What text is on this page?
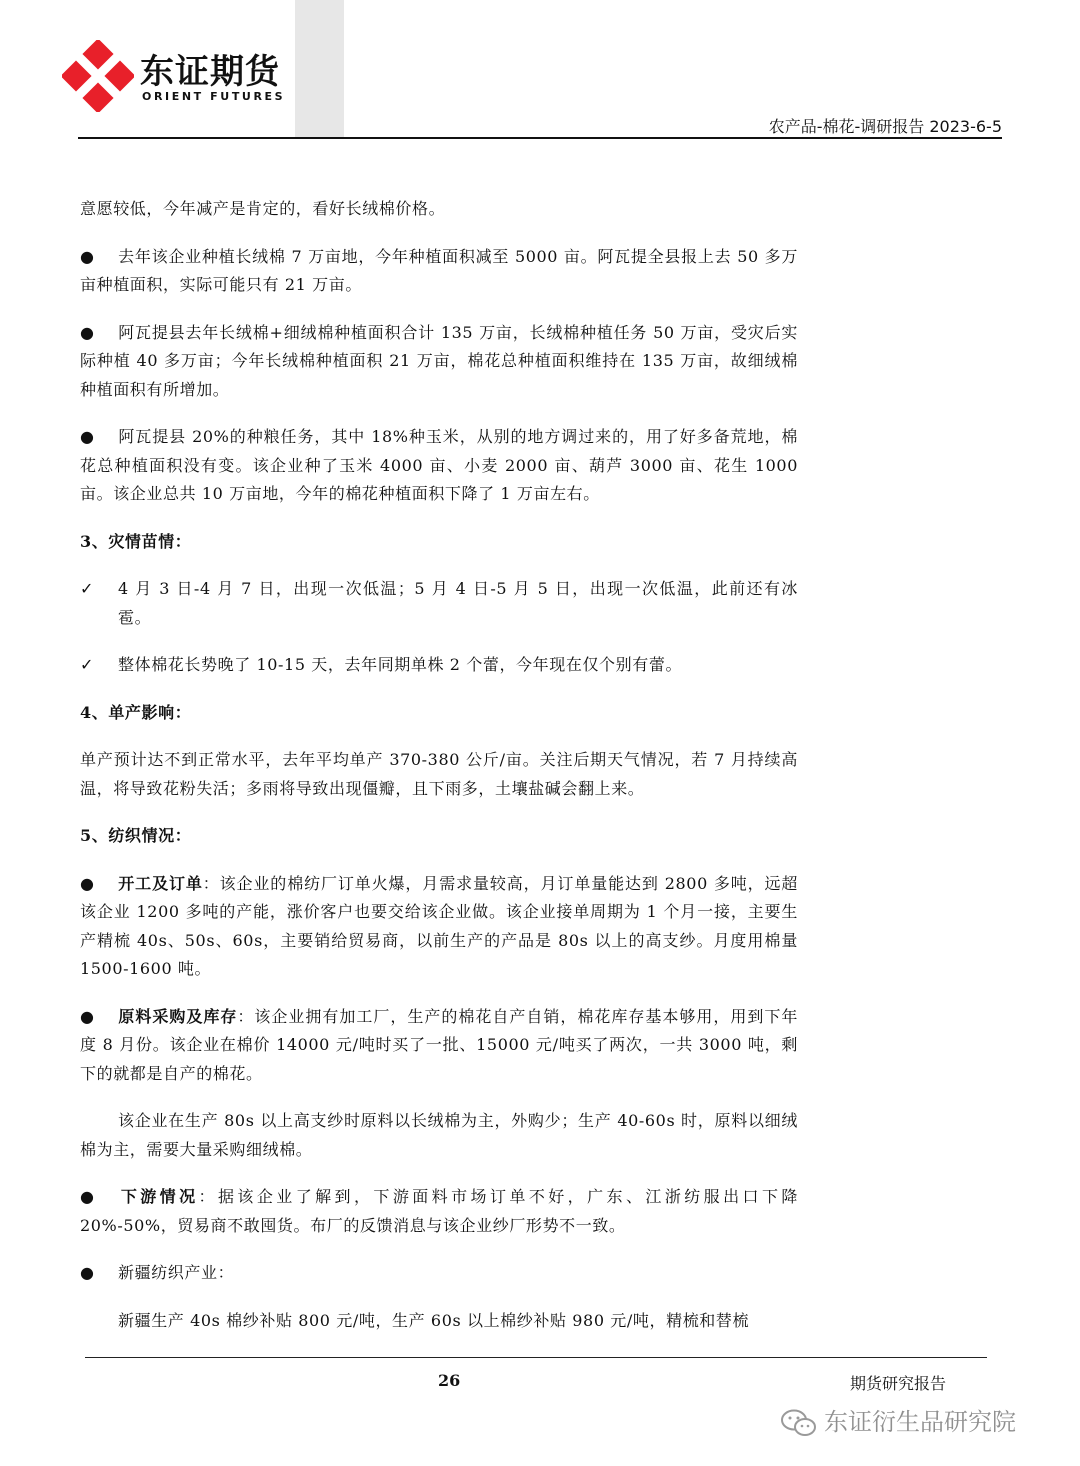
东证期货
ORIENT FUTURES
农产品-棉花-调研报告 2023-6-5

意愿较低，今年减产是肯定的，看好长绒棉价格。

● 去年该企业种植长绒棉 7 万亩地，今年种植面积减至 5000 亩。阿瓦提全县报上去 50 多万亩种植面积，实际可能只有 21 万亩。
● 阿瓦提县去年长绒棉+细绒棉种植面积合计 135 万亩，长绒棉种植任务 50 万亩，受灾后实际种植 40 多万亩；今年长绒棉种植面积 21 万亩，棉花总种植面积维持在 135 万亩，故细绒棉种植面积有所增加。
● 阿瓦提县 20%的种粮任务，其中 18%种玉米，从别的地方调过来的，用了好多备荒地，棉花总种植面积没有变。该企业种了玉米 4000 亩、小麦 2000 亩、葫芦 3000 亩、花生 1000 亩。该企业总共 10 万亩地，今年的棉花种植面积下降了 1 万亩左右。

3、灾情苗情：

✓	4 月 3 日-4 月 7 日，出现一次低温；5 月 4 日-5 月 5 日，出现一次低温，此前还有冰雹。
✓	整体棉花长势晚了 10-15 天，去年同期单株 2 个蕾，今年现在仅个别有蕾。

4、单产影响：

单产预计达不到正常水平，去年平均单产 370-380 公斤/亩。关注后期天气情况，若 7 月持续高温，将导致花粉失活；多雨将导致出现僵瓣，且下雨多，土壤盐碱会翻上来。

5、纺织情况：

● 开工及订单：该企业的棉纺厂订单火爆，月需求量较高，月订单量能达到 2800 多吨，远超该企业 1200 多吨的产能，涨价客户也要交给该企业做。该企业接单周期为 1 个月一接，主要生产精梳 40s、50s、60s，主要销给贸易商，以前生产的产品是 80s 以上的高支纱。月度用棉量 1500-1600 吨。
● 原料采购及库存：该企业拥有加工厂，生产的棉花自产自销，棉花库存基本够用，用到下年度 8 月份。该企业在棉价 14000 元/吨时买了一批、15000 元/吨买了两次，一共 3000 吨，剩下的就都是自产的棉花。

该企业在生产 80s 以上高支纱时原料以长绒棉为主，外购少；生产 40-60s 时，原料以细绒棉为主，需要大量采购细绒棉。

● 下游情况：据该企业了解到，下游面料市场订单不好，广东、江浙纺服出口下降 20%-50%，贸易商不敢囤货。布厂的反馈消息与该企业纱厂形势不一致。
● 新疆纺织产业：

新疆生产 40s 棉纱补贴 800 元/吨，生产 60s 以上棉纱补贴 980 元/吨，精梳和替梳

26	期货研究报告
东证衍生品研究院
